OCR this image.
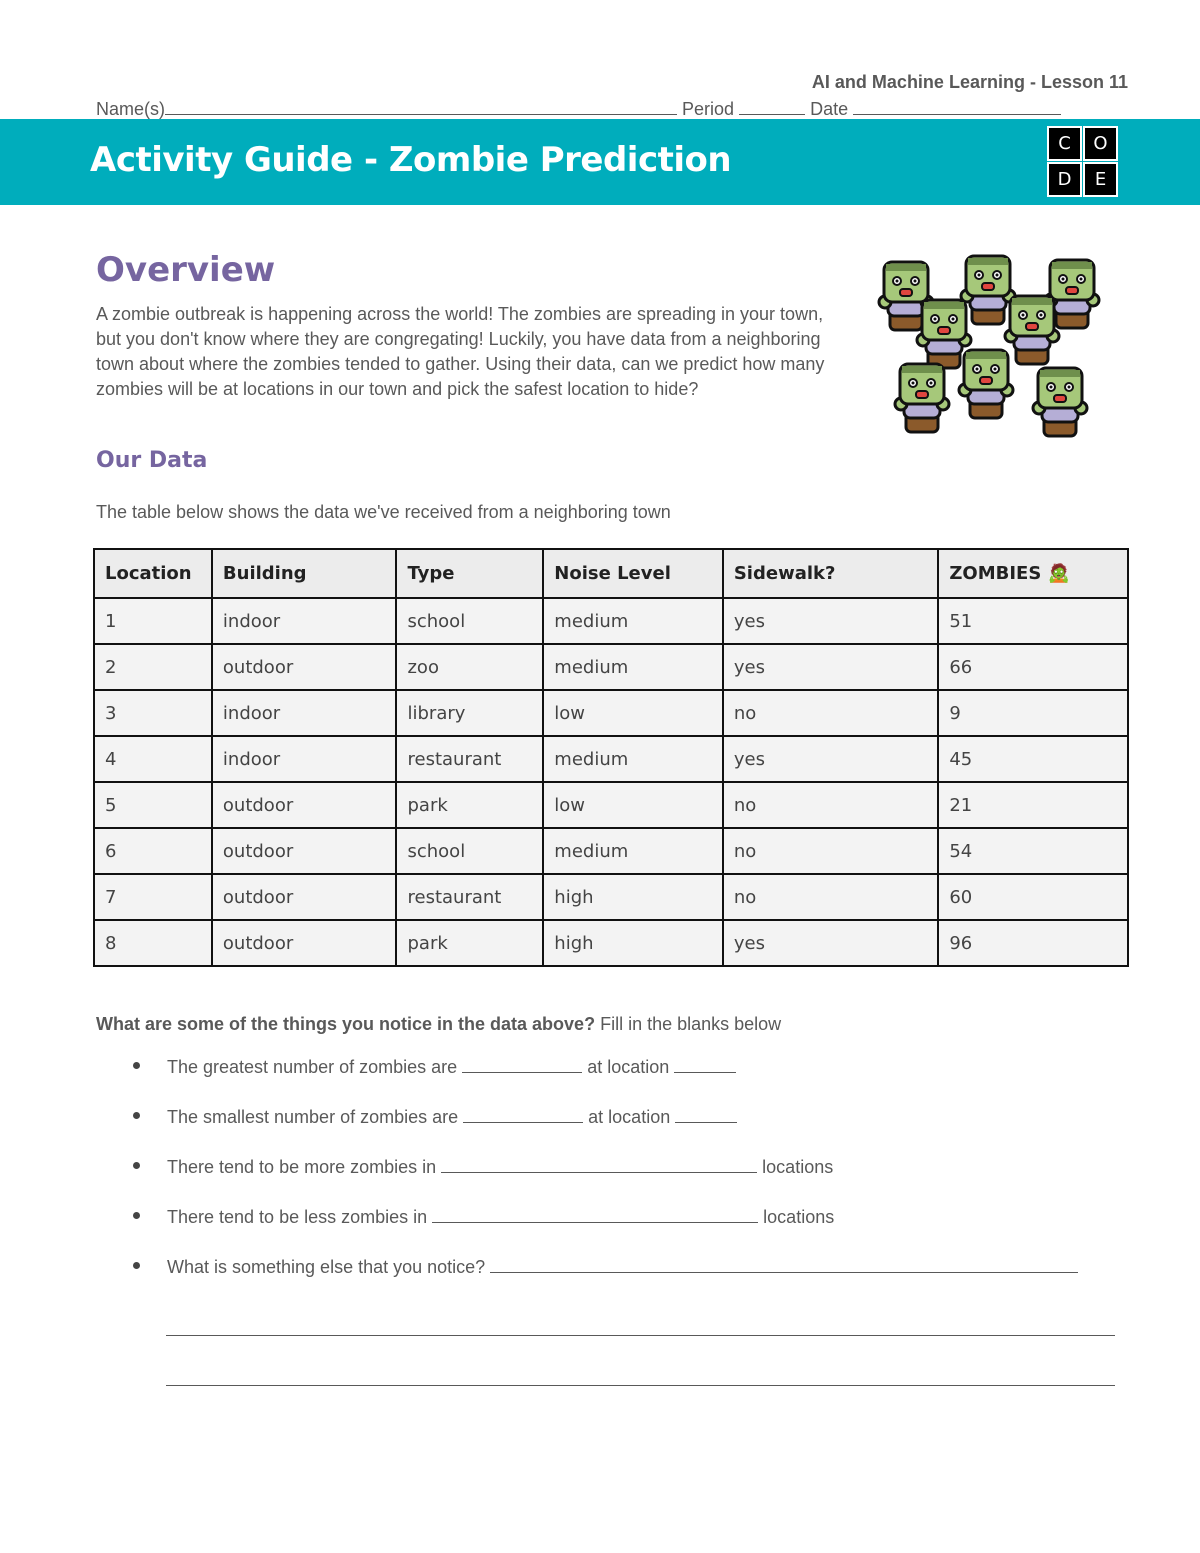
AI and Machine Learning - Lesson 11
Name(s)	Period	Date
Activity Guide - Zombie Prediction	C	O
D	E
Overview
A zombie outbreak is happening across the world! The zombies are spreading in your town, but you don't know where they are congregating! Luckily, you have data from a neighboring town about where the zombies tended to gather. Using their data, can we predict how many zombies will be at locations in our town and pick the safest location to hide?
Our Data
The table below shows the data we've received from a neighboring town
Location	Building	Type	Noise Level	Sidewalk?	ZOMBIES 🧟
1	indoor	school	medium	yes	51
2	outdoor	zoo	medium	yes	66
3	indoor	library	low	no	9
4	indoor	restaurant	medium	yes	45
5	outdoor	park	low	no	21
6	outdoor	school	medium	no	54
7	outdoor	restaurant	high	no	60
8	outdoor	park	high	yes	96
What are some of the things you notice in the data above? Fill in the blanks below
The greatest number of zombies are	at location
The smallest number of zombies are	at location
There tend to be more zombies in	locations
There tend to be less zombies in	locations
What is something else that you notice?
